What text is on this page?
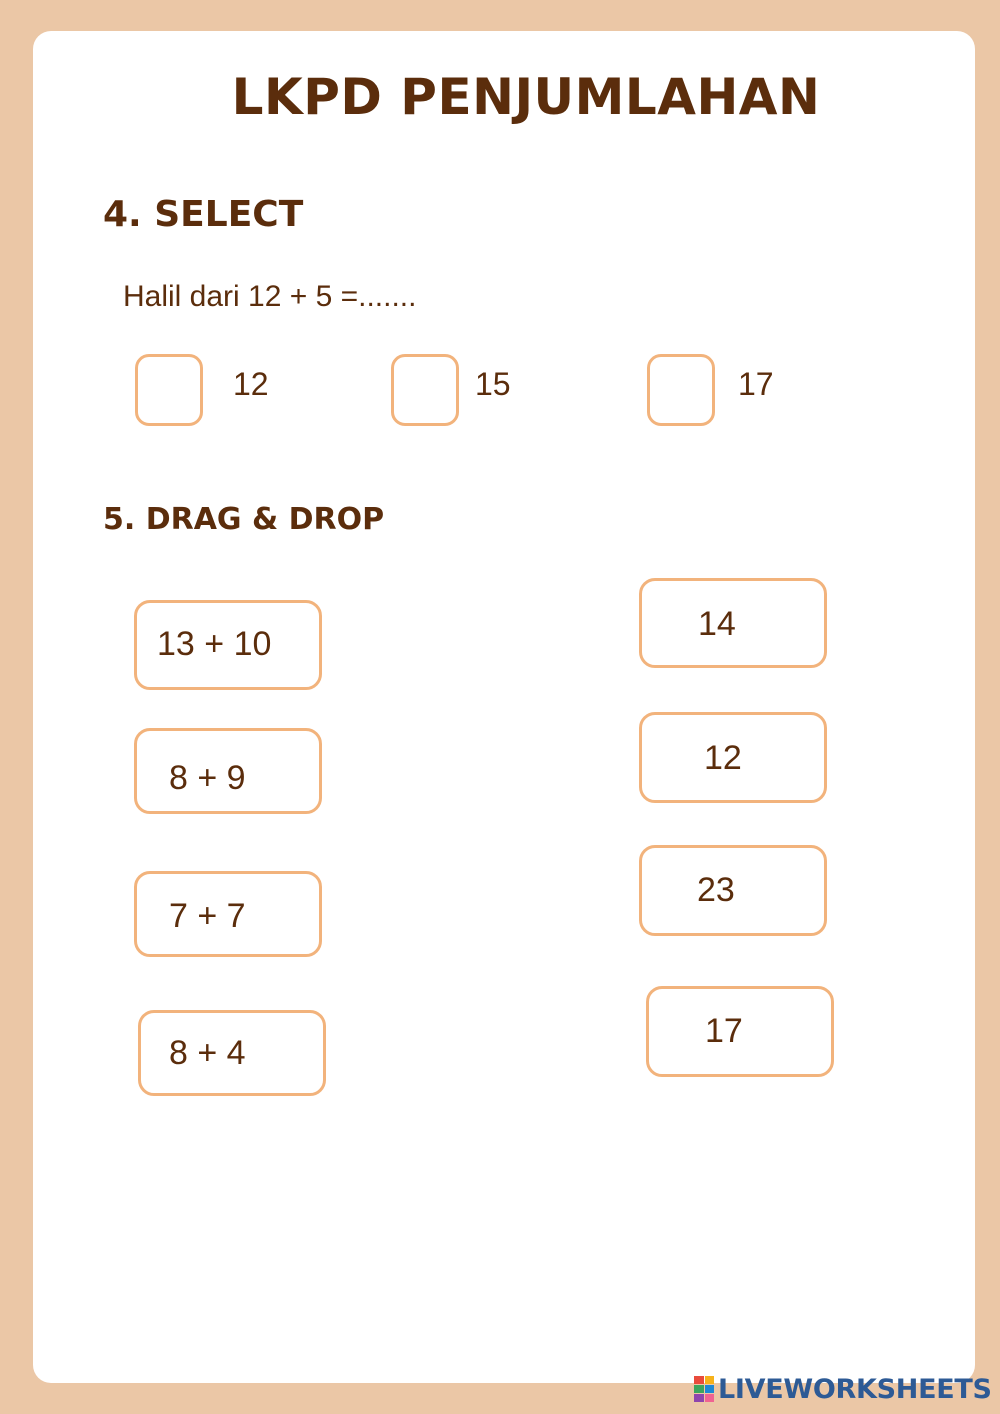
LKPD PENJUMLAHAN
4. SELECT
Halil dari 12 + 5 =.......
12	15	17
5. DRAG & DROP
13 + 10
8 + 9
7 + 7
8 + 4
14
12
23
17
LIVEWORKSHEETS
